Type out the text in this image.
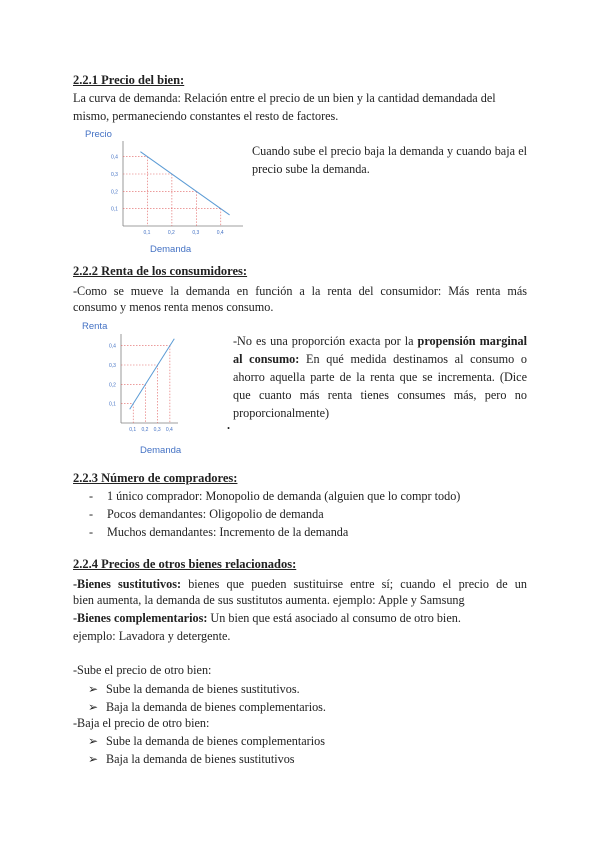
2.2.1 Precio del bien:
La curva de demanda: Relación entre el precio de un bien y la cantidad demandada del
mismo, permaneciendo constantes el resto de factores.
Precio
Demanda
0,4
0,3
0,2
0,1
0,1	0,2	0,3	0,4
Cuando sube el precio baja la demanda y cuando baja el precio sube la demanda.
2.2.2 Renta de los consumidores:
-Como se mueve la demanda en función a la renta del consumidor: Más renta más
consumo y menos renta menos consumo.
Renta
Demanda
0,4
0,3
0,2
0,1
0,1 0,2 0,3 0,4
-No es una proporción exacta por la propensión marginal al consumo: En qué medida destinamos al consumo o ahorro aquella parte de la renta que se incrementa. (Dice que cuanto más renta tienes consumes más, pero no proporcionalmente)
.
2.2.3 Número de compradores:
- 1 único comprador: Monopolio de demanda (alguien que lo compr todo)
- Pocos demandantes: Oligopolio de demanda
- Muchos demandantes: Incremento de la demanda
2.2.4 Precios de otros bienes relacionados:
-Bienes sustitutivos: bienes que pueden sustituirse entre sí; cuando el precio de un
bien aumenta, la demanda de sus sustitutos aumenta. ejemplo: Apple y Samsung
-Bienes complementarios: Un bien que está asociado al consumo de otro bien.
ejemplo: Lavadora y detergente.
-Sube el precio de otro bien:
➢ Sube la demanda de bienes sustitutivos.
➢ Baja la demanda de bienes complementarios.
-Baja el precio de otro bien:
➢ Sube la demanda de bienes complementarios
➢ Baja la demanda de bienes sustitutivos
